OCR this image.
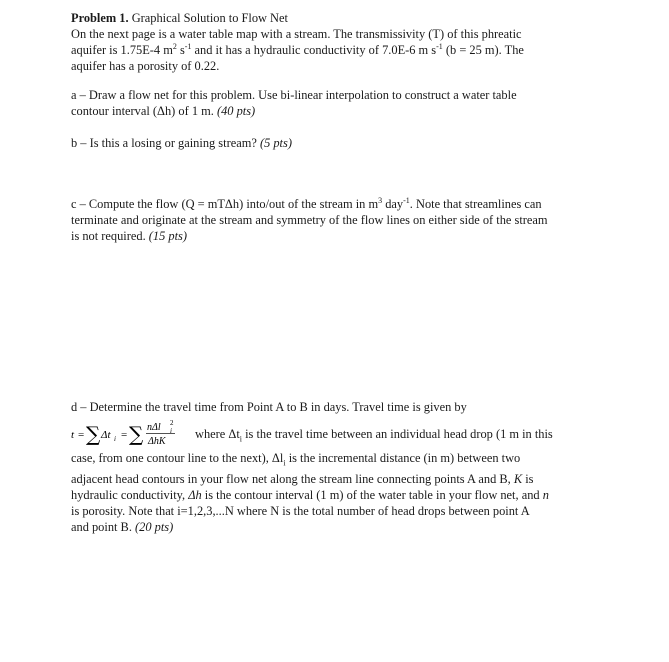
Problem 1. Graphical Solution to Flow Net
On the next page is a water table map with a stream. The transmissivity (T) of this phreatic
aquifer is 1.75E-4 $m^2$ $s^{-1}$ and it has a hydraulic conductivity of 7.0E-6 m $s^{-1}$ (b = 25 m). The
aquifer has a porosity of 0.22.
a – Draw a flow net for this problem. Use bi-linear interpolation to construct a water table
contour interval (Δh) of 1 m. (40 pts)
b – Is this a losing or gaining stream? (5 pts)
c – Compute the flow (Q = mTΔh) into/out of the stream in $m^3$ day$^{-1}$. Note that streamlines can
terminate and originate at the stream and symmetry of the flow lines on either side of the stream
is not required. (15 pts)
d – Determine the travel time from Point A to B in days. Travel time is given by
t = ∑ Δt i = ∑ nΔl 2
i
ΔhK
where $\Delta t_i$ is the travel time between an individual head drop (1 m in this
case, from one contour line to the next), $\Delta l_i$ is the incremental distance (in m) between two
adjacent head contours in your flow net along the stream line connecting points A and B, K is
hydraulic conductivity, Δh is the contour interval (1 m) of the water table in your flow net, and n
is porosity. Note that i=1,2,3,...N where N is the total number of head drops between point A
and point B. (20 pts)
